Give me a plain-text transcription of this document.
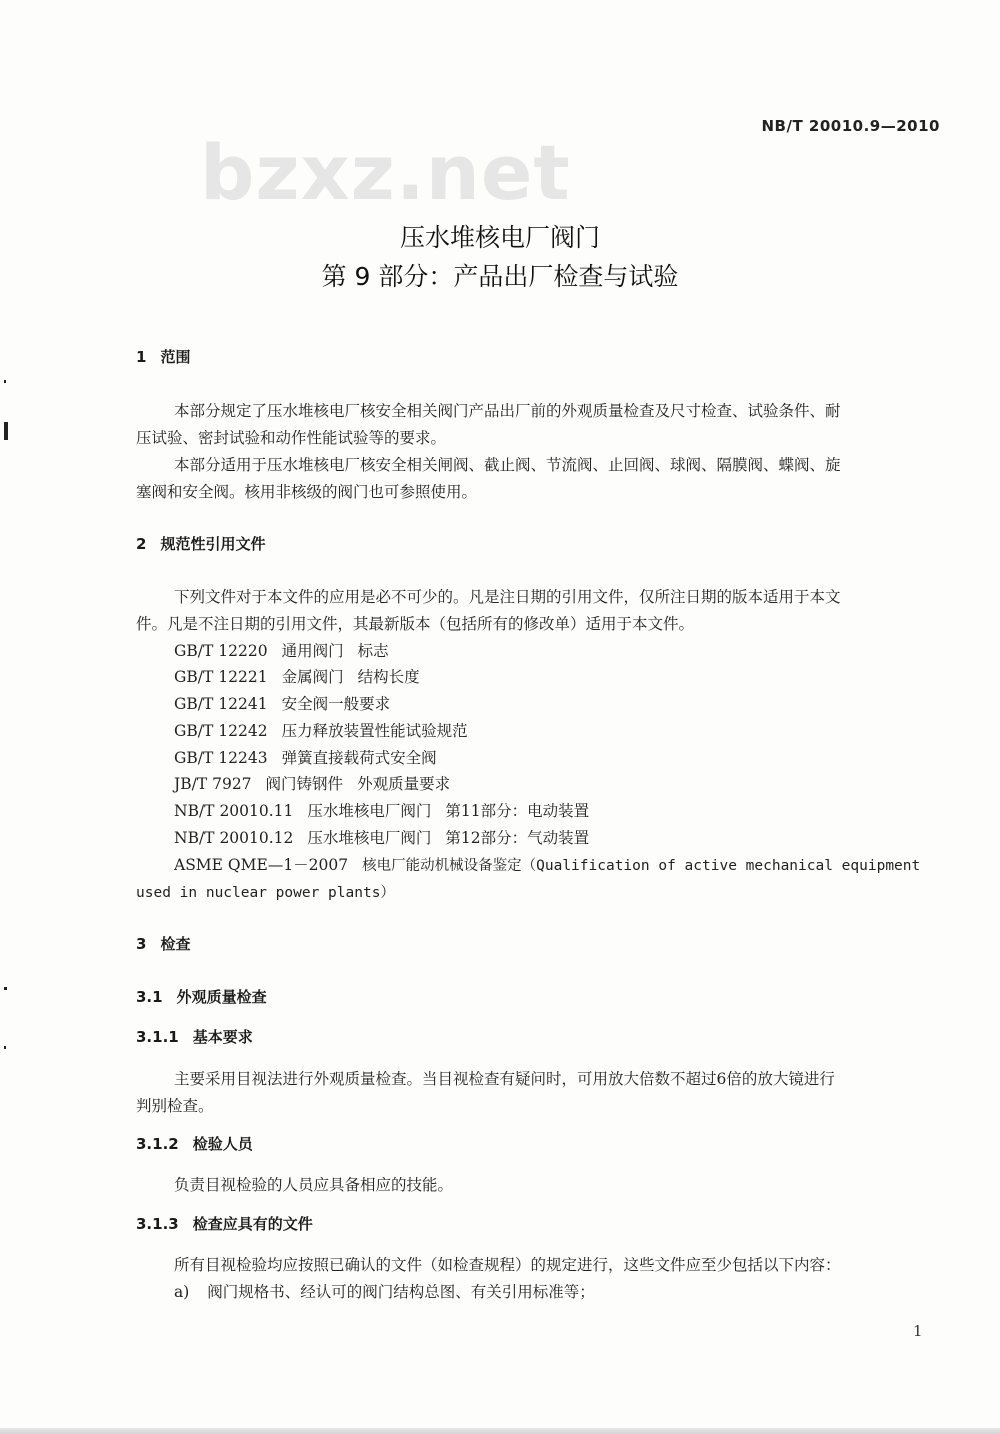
bzxz.net
NB/T 20010.9—2010
压水堆核电厂阀门
第 9 部分：产品出厂检查与试验
1 范围
本部分规定了压水堆核电厂核安全相关阀门产品出厂前的外观质量检查及尺寸检查、试验条件、耐
压试验、密封试验和动作性能试验等的要求。
本部分适用于压水堆核电厂核安全相关闸阀、截止阀、节流阀、止回阀、球阀、隔膜阀、蝶阀、旋
塞阀和安全阀。核用非核级的阀门也可参照使用。
2 规范性引用文件
下列文件对于本文件的应用是必不可少的。凡是注日期的引用文件，仅所注日期的版本适用于本文
件。凡是不注日期的引用文件，其最新版本（包括所有的修改单）适用于本文件。
GB/T 12220 通用阀门 标志
GB/T 12221 金属阀门 结构长度
GB/T 12241 安全阀一般要求
GB/T 12242 压力释放装置性能试验规范
GB/T 12243 弹簧直接载荷式安全阀
JB/T 7927 阀门铸钢件 外观质量要求
NB/T 20010.11 压水堆核电厂阀门 第11部分：电动装置
NB/T 20010.12 压水堆核电厂阀门 第12部分：气动装置
ASME QME—1－2007 核电厂能动机械设备鉴定（Qualification of active mechanical equipment
used in nuclear power plants）
3 检查
3.1 外观质量检查
3.1.1 基本要求
主要采用目视法进行外观质量检查。当目视检查有疑问时，可用放大倍数不超过6倍的放大镜进行
判别检查。
3.1.2 检验人员
负责目视检验的人员应具备相应的技能。
3.1.3 检查应具有的文件
所有目视检验均应按照已确认的文件（如检查规程）的规定进行，这些文件应至少包括以下内容：
a) 阀门规格书、经认可的阀门结构总图、有关引用标准等；
1
